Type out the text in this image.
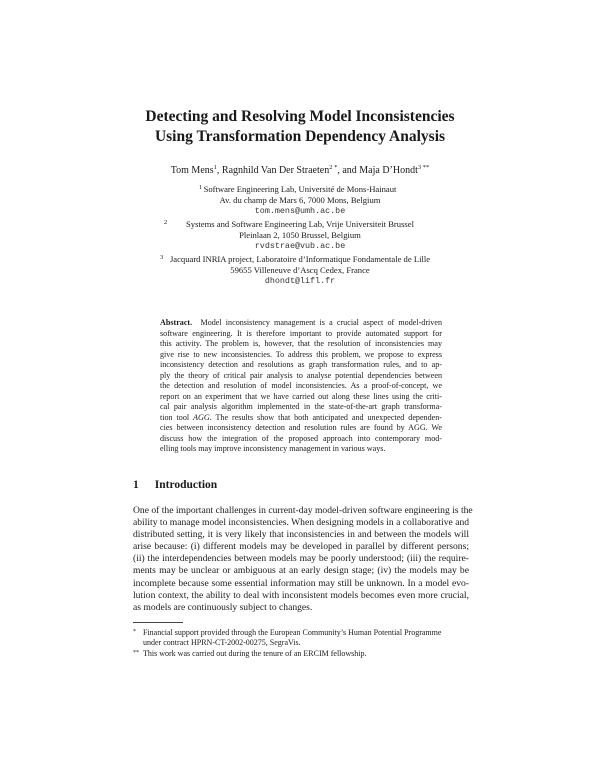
Detecting and Resolving Model Inconsistencies
Using Transformation Dependency Analysis
Tom Mens$^1$, Ragnhild Van Der Straeten$^{2 *}$, and Maja D’Hondt$^{3 **}$
1 Software Engineering Lab, Université de Mons-Hainaut
Av. du champ de Mars 6, 7000 Mons, Belgium
tom.mens@umh.ac.be
2	Systems and Software Engineering Lab, Vrije Universiteit Brussel
Pleinlaan 2, 1050 Brussel, Belgium
rvdstrae@vub.ac.be
3 Jacquard INRIA project, Laboratoire d’Informatique Fondamentale de Lille
59655 Villeneuve d’Ascq Cedex, France
dhondt@lifl.fr
Abstract. Model inconsistency management is a crucial aspect of model-driven
software engineering. It is therefore important to provide automated support for
this activity. The problem is, however, that the resolution of inconsistencies may
give rise to new inconsistencies. To address this problem, we propose to express
inconsistency detection and resolutions as graph transformation rules, and to ap-
ply the theory of critical pair analysis to analyse potential dependencies between
the detection and resolution of model inconsistencies. As a proof-of-concept, we
report on an experiment that we have carried out along these lines using the criti-
cal pair analysis algorithm implemented in the state-of-the-art graph transforma-
tion tool AGG. The results show that both anticipated and unexpected dependen-
cies between inconsistency detection and resolution rules are found by AGG. We
discuss how the integration of the proposed approach into contemporary mod-
elling tools may improve inconsistency management in various ways.
1 Introduction
One of the important challenges in current-day model-driven software engineering is the
ability to manage model inconsistencies. When designing models in a collaborative and
distributed setting, it is very likely that inconsistencies in and between the models will
arise because: (i) different models may be developed in parallel by different persons;
(ii) the interdependencies between models may be poorly understood; (iii) the require-
ments may be unclear or ambiguous at an early design stage; (iv) the models may be
incomplete because some essential information may still be unknown. In a model evo-
lution context, the ability to deal with inconsistent models becomes even more crucial,
as models are continuously subject to changes.
* Financial support provided through the European Community’s Human Potential Programme
under contract HPRN-CT-2002-00275, SegraVis.
** This work was carried out during the tenure of an ERCIM fellowship.
